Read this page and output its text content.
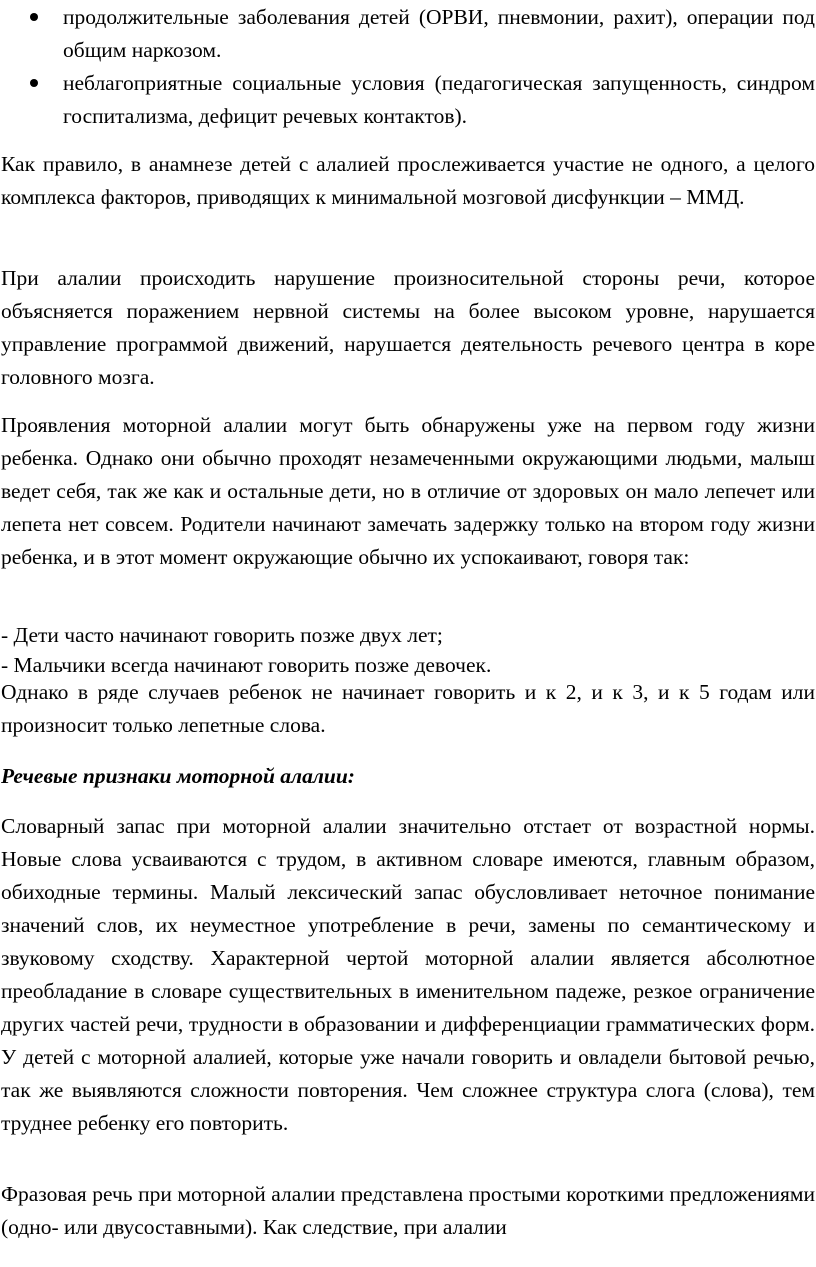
продолжительные заболевания детей (ОРВИ, пневмонии, рахит), операции под общим наркозом.
неблагоприятные социальные условия (педагогическая запущенность, синдром госпитализма, дефицит речевых контактов).

Как правило, в анамнезе детей с алалией прослеживается участие не одного, а целого комплекса факторов, приводящих к минимальной мозговой дисфункции – ММД.

При алалии происходить нарушение произносительной стороны речи, которое объясняется поражением нервной системы на более высоком уровне, нарушается управление программой движений, нарушается деятельность речевого центра в коре головного мозга.

Проявления моторной алалии могут быть обнаружены уже на первом году жизни ребенка. Однако они обычно проходят незамеченными окружающими людьми, малыш ведет себя, так же как и остальные дети, но в отличие от здоровых он мало лепечет или лепета нет совсем. Родители начинают замечать задержку только на втором году жизни ребенка, и в этот момент окружающие обычно их успокаивают, говоря так:

- Дети часто начинают говорить позже двух лет;

- Мальчики всегда начинают говорить позже девочек.

Однако в ряде случаев ребенок не начинает говорить и к 2, и к 3, и к 5 годам или произносит только лепетные слова.

Речевые признаки моторной алалии:

Словарный запас при моторной алалии значительно отстает от возрастной нормы. Новые слова усваиваются с трудом, в активном словаре имеются, главным образом, обиходные термины. Малый лексический запас обусловливает неточное понимание значений слов, их неуместное употребление в речи, замены по семантическому и звуковому сходству. Характерной чертой моторной алалии является абсолютное преобладание в словаре существительных в именительном падеже, резкое ограничение других частей речи, трудности в образовании и дифференциации грамматических форм. У детей с моторной алалией, которые уже начали говорить и овладели бытовой речью, так же выявляются сложности повторения. Чем сложнее структура слога (слова), тем труднее ребенку его повторить.

Фразовая речь при моторной алалии представлена простыми короткими предложениями (одно- или двусоставными). Как следствие, при алалии
